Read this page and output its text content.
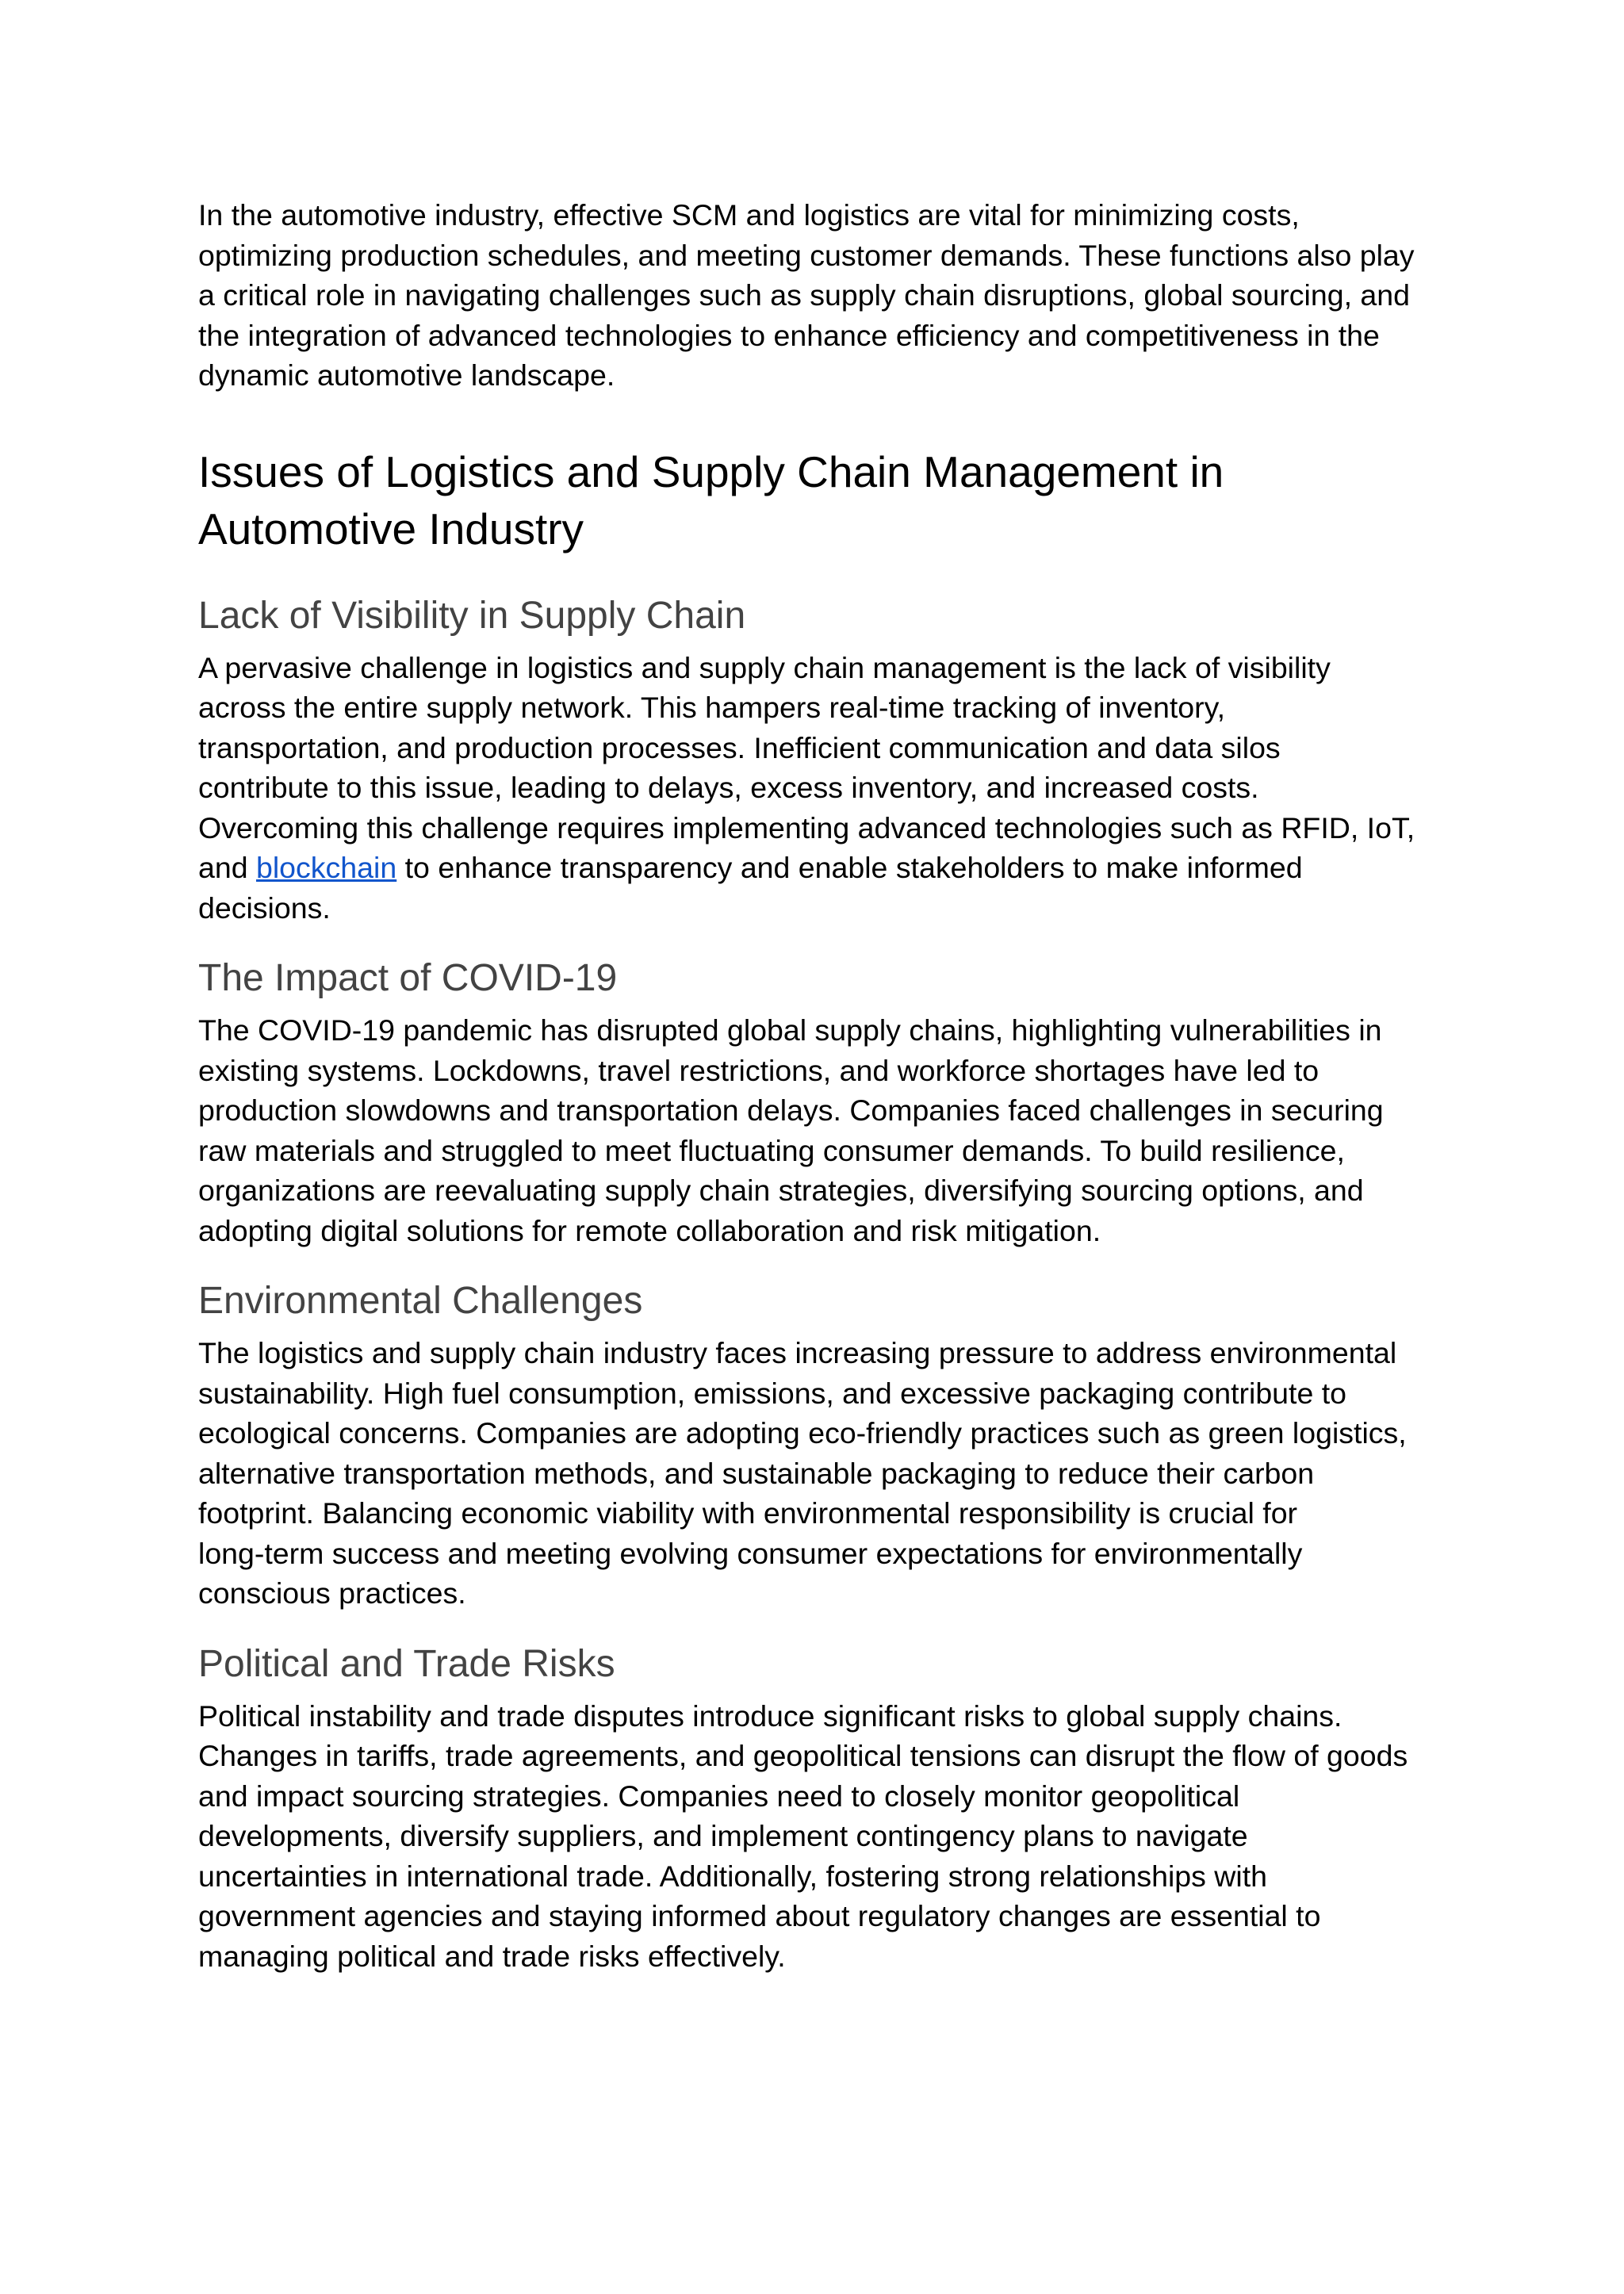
In the automotive industry, effective SCM and logistics are vital for minimizing costs,
optimizing production schedules, and meeting customer demands. These functions also play
a critical role in navigating challenges such as supply chain disruptions, global sourcing, and
the integration of advanced technologies to enhance efficiency and competitiveness in the
dynamic automotive landscape.

Issues of Logistics and Supply Chain Management in
Automotive Industry
Lack of Visibility in Supply Chain

A pervasive challenge in logistics and supply chain management is the lack of visibility
across the entire supply network. This hampers real-time tracking of inventory,
transportation, and production processes. Inefficient communication and data silos
contribute to this issue, leading to delays, excess inventory, and increased costs.
Overcoming this challenge requires implementing advanced technologies such as RFID, IoT,
and blockchain to enhance transparency and enable stakeholders to make informed
decisions.

The Impact of COVID-19

The COVID-19 pandemic has disrupted global supply chains, highlighting vulnerabilities in
existing systems. Lockdowns, travel restrictions, and workforce shortages have led to
production slowdowns and transportation delays. Companies faced challenges in securing
raw materials and struggled to meet fluctuating consumer demands. To build resilience,
organizations are reevaluating supply chain strategies, diversifying sourcing options, and
adopting digital solutions for remote collaboration and risk mitigation.

Environmental Challenges

The logistics and supply chain industry faces increasing pressure to address environmental
sustainability. High fuel consumption, emissions, and excessive packaging contribute to
ecological concerns. Companies are adopting eco-friendly practices such as green logistics,
alternative transportation methods, and sustainable packaging to reduce their carbon
footprint. Balancing economic viability with environmental responsibility is crucial for
long-term success and meeting evolving consumer expectations for environmentally
conscious practices.

Political and Trade Risks

Political instability and trade disputes introduce significant risks to global supply chains.
Changes in tariffs, trade agreements, and geopolitical tensions can disrupt the flow of goods
and impact sourcing strategies. Companies need to closely monitor geopolitical
developments, diversify suppliers, and implement contingency plans to navigate
uncertainties in international trade. Additionally, fostering strong relationships with
government agencies and staying informed about regulatory changes are essential to
managing political and trade risks effectively.
